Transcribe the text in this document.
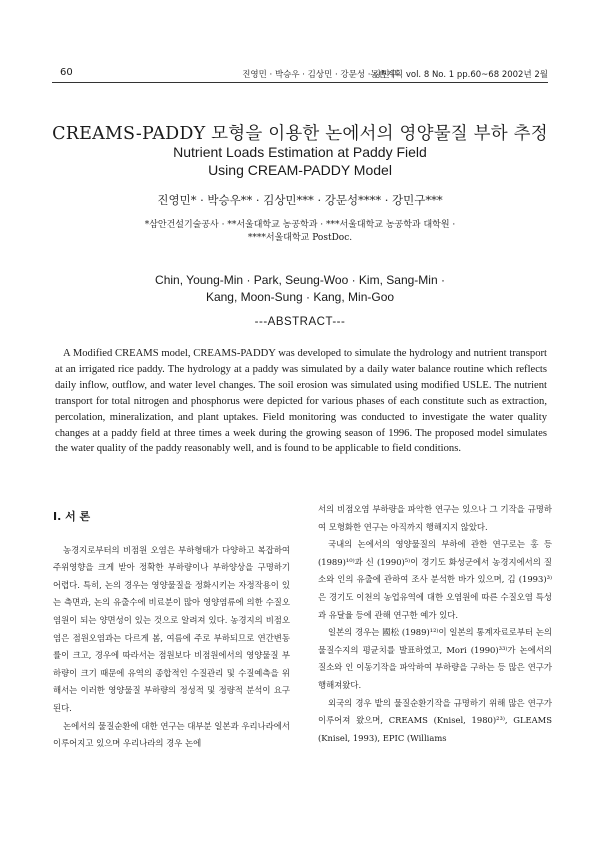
60	진영민 · 박승우 · 김상민 · 강문성 · 강민구
농촌계획 vol. 8 No. 1 pp.60~68 2002년 2월
CREAMS-PADDY 모형을 이용한 논에서의 영양물질 부하 추정
Nutrient Loads Estimation at Paddy Field
Using CREAM-PADDY Model
진영민* · 박승우** · 김상민*** · 강문성**** · 강민구***
*삼안건설기술공사 · **서울대학교 농공학과 · ***서울대학교 농공학과 대학원 ·
****서울대학교 PostDoc.
Chin, Young-Min · Park, Seung-Woo · Kim, Sang-Min ·
Kang, Moon-Sung · Kang, Min-Goo
---ABSTRACT---
A Modified CREAMS model, CREAMS-PADDY was developed to simulate the hydrology and nutrient transport at an irrigated rice paddy. The hydrology at a paddy was simulated by a daily water balance routine which reflects daily inflow, outflow, and water level changes. The soil erosion was simulated using modified USLE. The nutrient transport for total nitrogen and phosphorus were depicted for various phases of each constitute such as extraction, percolation, mineralization, and plant uptakes. Field monitoring was conducted to investigate the water quality changes at a paddy field at three times a week during the growing season of 1996. The proposed model simulates the water quality of the paddy reasonably well, and is found to be applicable to field conditions.
Ⅰ. 서 론

농경지로부터의 비점원 오염은 부하형태가 다양하고 복잡하여 주위영향을 크게 받아 정확한 부하량이나 부하양상을 구명하기 어렵다. 특히, 논의 경우는 영양물질을 정화시키는 자정작용이 있는 측면과, 논의 유출수에 비료분이 많아 영양염류에 의한 수질오염원이 되는 양면성이 있는 것으로 알려져 있다. 농경지의 비점오염은 점원오염과는 다르게 봄, 여름에 주로 부하되므로 연간변동률이 크고, 경우에 따라서는 점원보다 비점원에서의 영양물질 부하량이 크기 때문에 유역의 종합적인 수질관리 및 수질예측을 위해서는 이러한 영양물질 부하량의 정성적 및 정량적 분석이 요구된다.

논에서의 물질순환에 대한 연구는 대부분 일본과 우리나라에서 이루어지고 있으며 우리나라의 경우 논에

서의 비점오염 부하량을 파악한 연구는 있으나 그 기작을 규명하여 모형화한 연구는 아직까지 행해지지 않았다.

국내의 논에서의 영양물질의 부하에 관한 연구로는 홍 등 (1989)¹⁰⁾과 신 (1990)⁵⁾이 경기도 화성군에서 농경지에서의 질소와 인의 유출에 관하여 조사 분석한 바가 있으며, 김 (1993)³⁾은 경기도 이천의 농업유역에 대한 오염원에 따른 수질오염 특성과 유달율 등에 관해 연구한 예가 있다.

일본의 경우는 國松 (1989)¹²⁾이 일본의 통계자료로부터 논의 물질수지의 평균치를 발표하였고, Mori (1990)³³⁾가 논에서의 질소와 인 이동기작을 파악하여 부하량을 구하는 등 많은 연구가 행해져왔다.

외국의 경우 밭의 물질순환기작을 규명하기 위해 많은 연구가 이루어져 왔으며, CREAMS (Knisel, 1980)²³⁾, GLEAMS (Knisel, 1993), EPIC (Williams
